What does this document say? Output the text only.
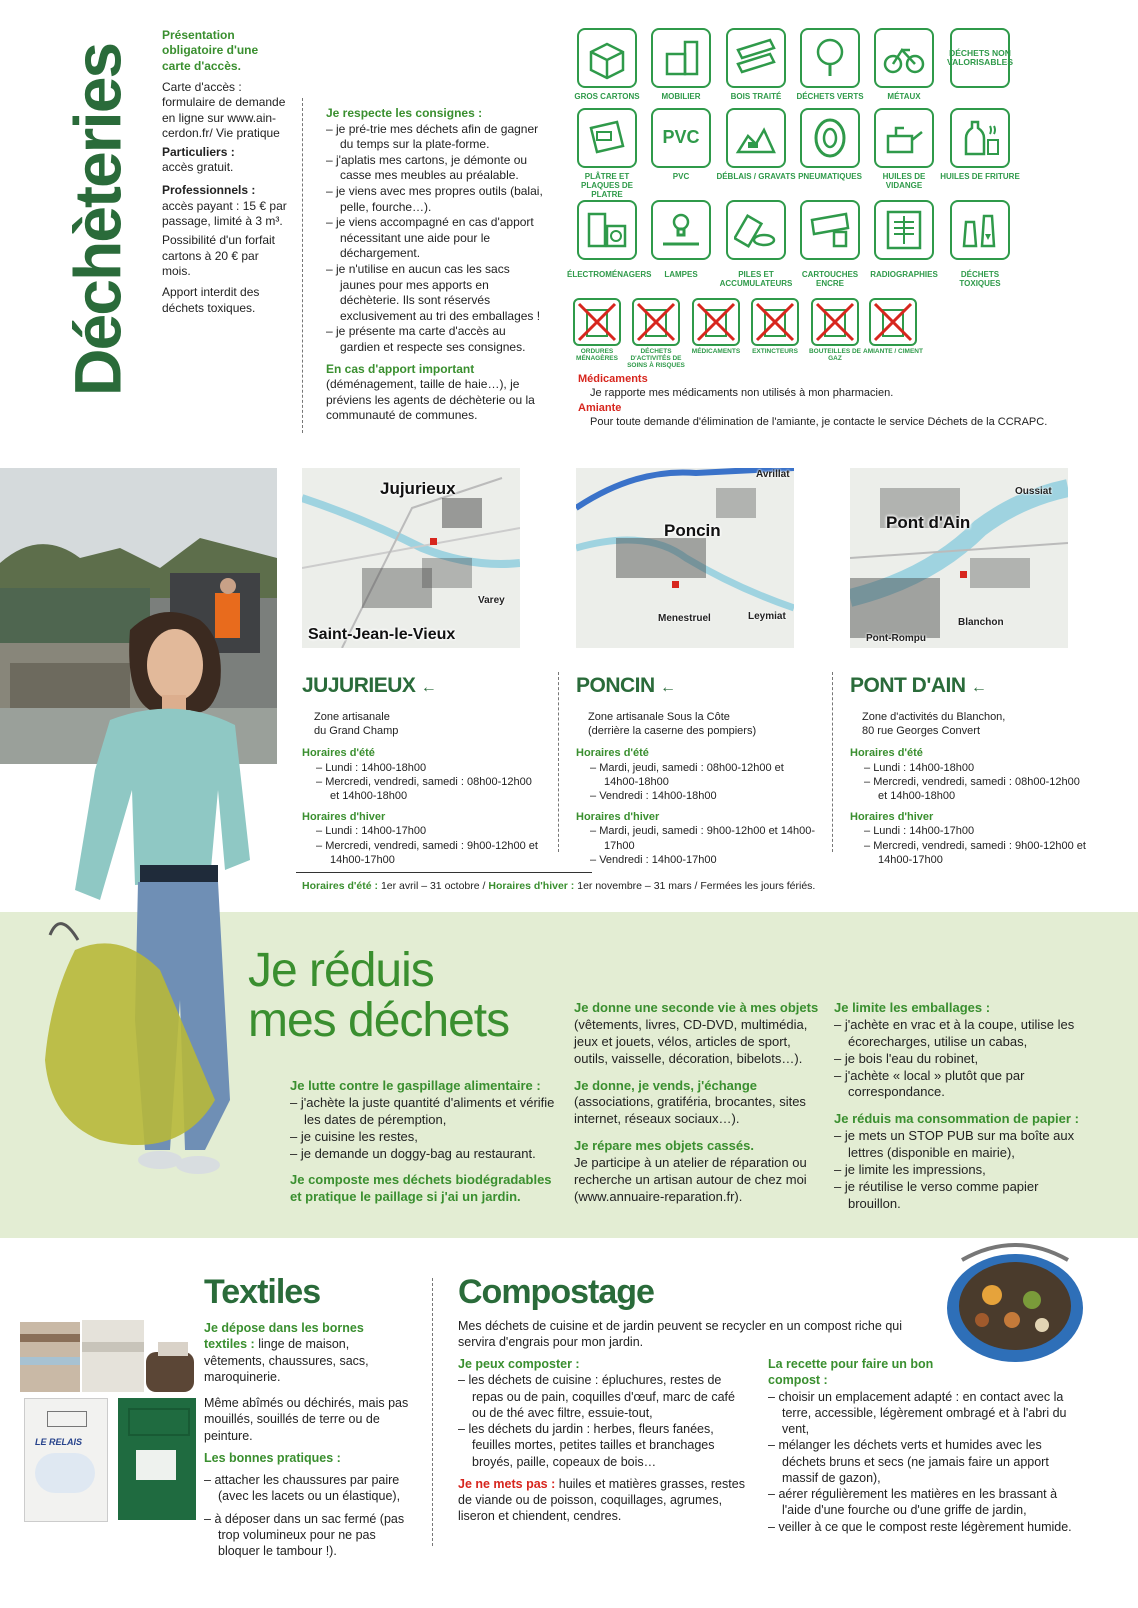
Déchèteries
Présentation obligatoire d'une carte d'accès.
Carte d'accès : formulaire de demande en ligne sur www.ain-cerdon.fr/ Vie pratique
Particuliers :
accès gratuit.
Professionnels :
accès payant : 15 € par passage, limité à 3 m³.
Possibilité d'un forfait cartons à 20 € par mois.
Apport interdit des déchets toxiques.
Je respecte les consignes :
– je pré-trie mes déchets afin de gagner du temps sur la plate-forme.
– j'aplatis mes cartons, je démonte ou casse mes meubles au préalable.
– je viens avec mes propres outils (balai, pelle, fourche…).
– je viens accompagné en cas d'apport nécessitant une aide pour le déchargement.
– je n'utilise en aucun cas les sacs jaunes pour mes apports en déchèterie. Ils sont réservés exclusivement au tri des emballages !
– je présente ma carte d'accès au gardien et respecte ses consignes.
En cas d'apport important
(déménagement, taille de haie…), je préviens les agents de déchèterie ou la communauté de communes.
GROS CARTONS	MOBILIER	BOIS TRAITÉ	DÉCHETS VERTS	MÉTAUX
DÉCHETS NON VALORISABLES
PLÂTRE ET PLAQUES DE PLATRE
PVC
PVC	DÉBLAIS / GRAVATS PNEUMATIQUES	HUILES DE VIDANGE
HUILES DE FRITURE
ÉLECTROMÉNAGERS	LAMPES	PILES ET ACCUMULATEURS
CARTOUCHES ENCRE
RADIOGRAPHIES	DÉCHETS TOXIQUES
ORDURES MÉNAGÈRES
DÉCHETS D'ACTIVITÉS DE SOINS À RISQUES
MÉDICAMENTS	EXTINCTEURS	BOUTEILLES DE GAZ
AMIANTE / CIMENT
Médicaments
Je rapporte mes médicaments non utilisés à mon pharmacien.
Amiante
Pour toute demande d'élimination de l'amiante, je contacte le service Déchets de la CCRAPC.
Jujurieux
Saint-Jean-le-Vieux
Varey
Poncin
Avrillat
Menestruel	Leymiat
Pont d'Ain
Oussiat
Blanchon
Pont-Rompu
JUJURIEUX ←
Zone artisanale
du Grand Champ
Horaires d'été
– Lundi : 14h00-18h00
– Mercredi, vendredi, samedi : 08h00-12h00 et 14h00-18h00
Horaires d'hiver
– Lundi : 14h00-17h00
– Mercredi, vendredi, samedi : 9h00-12h00 et 14h00-17h00
PONCIN ←
Zone artisanale Sous la Côte
(derrière la caserne des pompiers)
Horaires d'été
– Mardi, jeudi, samedi : 08h00-12h00 et 14h00-18h00
– Vendredi : 14h00-18h00
Horaires d'hiver
– Mardi, jeudi, samedi : 9h00-12h00 et 14h00-17h00
– Vendredi : 14h00-17h00
PONT D'AIN ←
Zone d'activités du Blanchon,
80 rue Georges Convert
Horaires d'été
– Lundi : 14h00-18h00
– Mercredi, vendredi, samedi : 08h00-12h00 et 14h00-18h00
Horaires d'hiver
– Lundi : 14h00-17h00
– Mercredi, vendredi, samedi : 9h00-12h00 et 14h00-17h00
Horaires d'été : 1er avril – 31 octobre / Horaires d'hiver : 1er novembre – 31 mars / Fermées les jours fériés.
Je réduis
mes déchets
Je lutte contre le gaspillage alimentaire :
– j'achète la juste quantité d'aliments et vérifie les dates de péremption,
– je cuisine les restes,
– je demande un doggy-bag au restaurant.
Je composte mes déchets biodégradables et pratique le paillage si j'ai un jardin.
Je donne une seconde vie à mes objets
(vêtements, livres, CD-DVD, multimédia, jeux et jouets, vélos, articles de sport, outils, vaisselle, décoration, bibelots…).
Je donne, je vends, j'échange
(associations, gratiféria, brocantes, sites internet, réseaux sociaux…).
Je répare mes objets cassés.
Je participe à un atelier de réparation ou recherche un artisan autour de chez moi (www.annuaire-reparation.fr).
Je limite les emballages :
– j'achète en vrac et à la coupe, utilise les écorecharges, utilise un cabas,
– je bois l'eau du robinet,
– j'achète « local » plutôt que par correspondance.
Je réduis ma consommation de papier :
– je mets un STOP PUB sur ma boîte aux lettres (disponible en mairie),
– je limite les impressions,
– je réutilise le verso comme papier brouillon.
LE RELAIS
Textiles
Je dépose dans les bornes textiles : linge de maison, vêtements, chaussures, sacs, maroquinerie.
Même abîmés ou déchirés, mais pas mouillés, souillés de terre ou de peinture.
Les bonnes pratiques :
– attacher les chaussures par paire (avec les lacets ou un élastique),
– à déposer dans un sac fermé (pas trop volumineux pour ne pas bloquer le tambour !).
Compostage
Mes déchets de cuisine et de jardin peuvent se recycler en un compost riche qui servira d'engrais pour mon jardin.
Je peux composter :
– les déchets de cuisine : épluchures, restes de repas ou de pain, coquilles d'œuf, marc de café ou de thé avec filtre, essuie-tout,
– les déchets du jardin : herbes, fleurs fanées, feuilles mortes, petites tailles et branchages broyés, paille, copeaux de bois…
Je ne mets pas : huiles et matières grasses, restes de viande ou de poisson, coquillages, agrumes, liseron et chiendent, cendres.
La recette pour faire un bon compost :
– choisir un emplacement adapté : en contact avec la terre, accessible, légèrement ombragé et à l'abri du vent,
– mélanger les déchets verts et humides avec les déchets bruns et secs (ne jamais faire un apport massif de gazon),
– aérer régulièrement les matières en les brassant à l'aide d'une fourche ou d'une griffe de jardin,
– veiller à ce que le compost reste légèrement humide.
